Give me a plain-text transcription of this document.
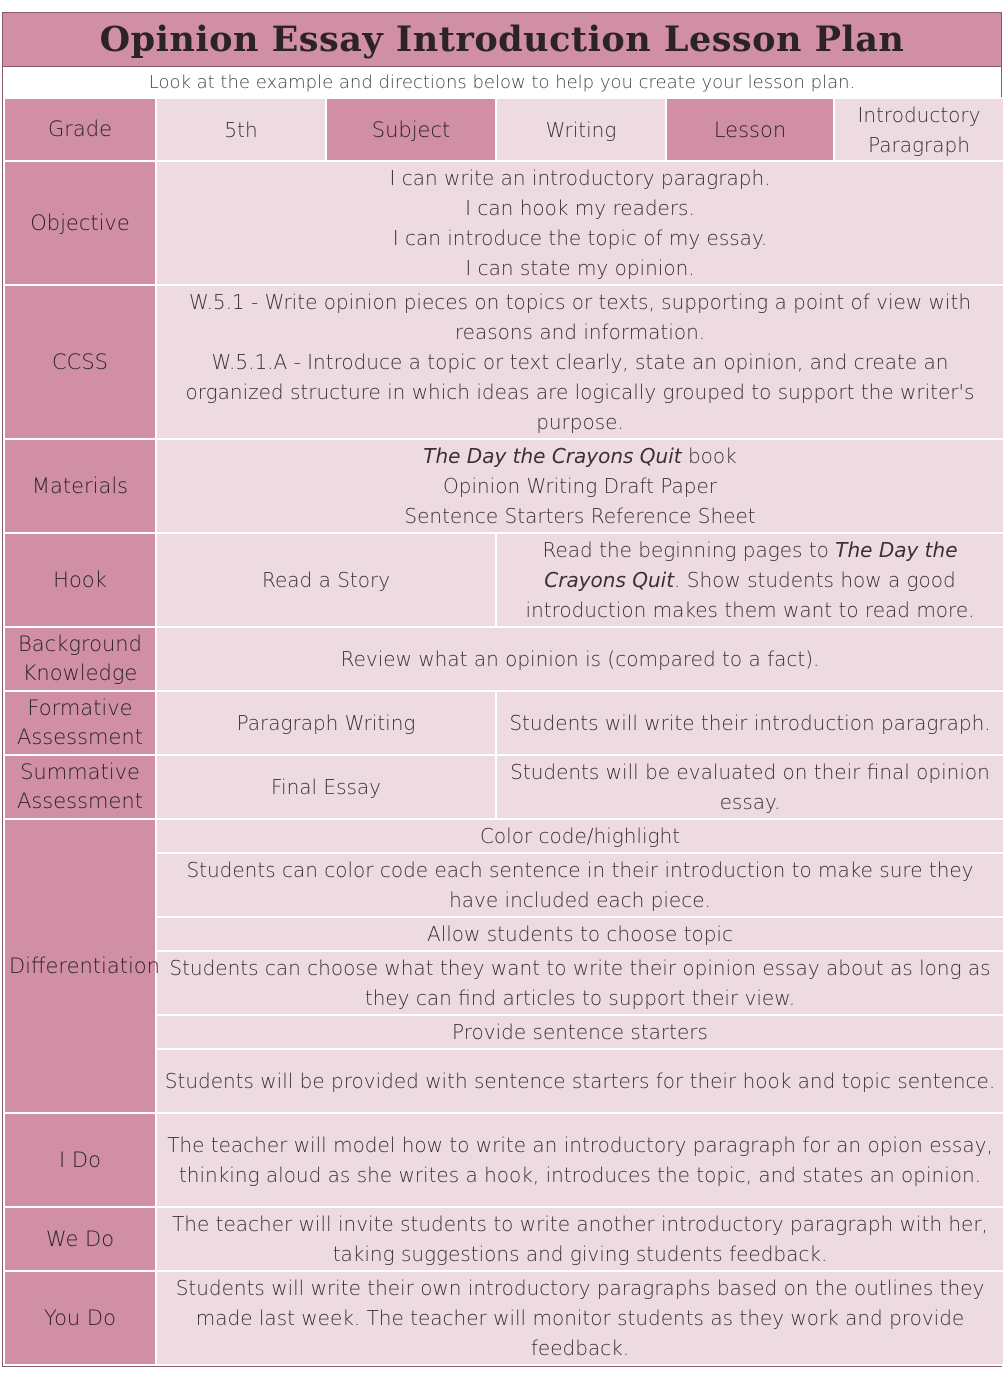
Opinion Essay Introduction Lesson Plan
Look at the example and directions below to help you create your lesson plan.
Grade	5th	Subject	Writing	Lesson	Introductory
Paragraph

Objective	I can write an introductory paragraph.
I can hook my readers.
I can introduce the topic of my essay.
I can state my opinion.				

CCSS	W.5.1 - Write opinion pieces on topics or texts, supporting a point of view with reasons and information.
W.5.1.A - Introduce a topic or text clearly, state an opinion, and create an organized structure in which ideas are logically grouped to support the writer's purpose.				

Materials	The Day the Crayons Quit book
Opinion Writing Draft Paper
Sentence Starters Reference Sheet				

Hook	Read a Story		Read the beginning pages to The Day the Crayons Quit. Show students how a good introduction makes them want to read more.		

Background
Knowledge	Review what an opinion is (compared to a fact).				

Formative
Assessment	Paragraph Writing		Students will write their introduction paragraph.		

Summative
Assessment	Final Essay		Students will be evaluated on their final opinion essay.		
Differentiation	Color code/highlight				
	Students can color code each sentence in their introduction to make sure they have included each piece.				
	Allow students to choose topic				
	Students can choose what they want to write their opinion essay about as long as they can find articles to support their view.				
	Provide sentence starters				
	Students will be provided with sentence starters for their hook and topic sentence.				
I Do	The teacher will model how to write an introductory paragraph for an opion essay, thinking aloud as she writes a hook, introduces the topic, and states an opinion.				
We Do	The teacher will invite students to write another introductory paragraph with her, taking suggestions and giving students feedback.				
You Do	Students will write their own introductory paragraphs based on the outlines they made last week. The teacher will monitor students as they work and provide feedback.				
